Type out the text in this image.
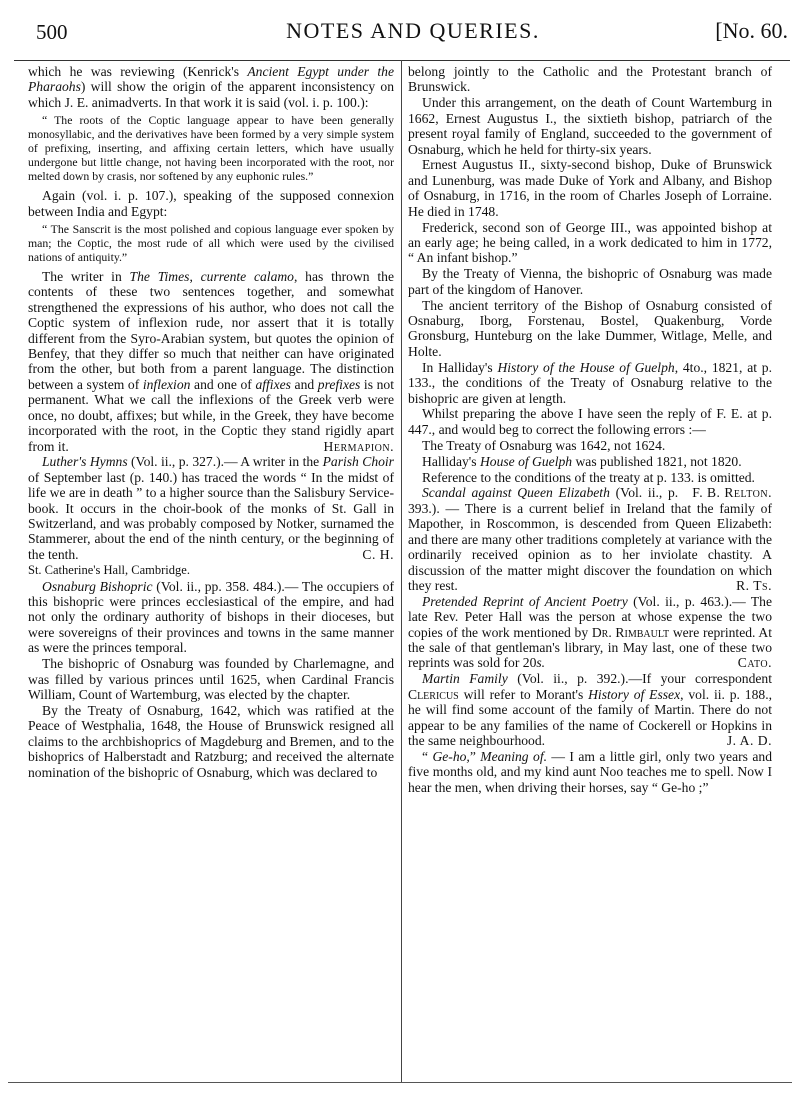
500	NOTES AND QUERIES.	[No. 60.

which he was reviewing (Kenrick's Ancient Egypt under the Pharaohs) will show the origin of the apparent inconsistency on which J. E. animadverts. In that work it is said (vol. i. p. 100.):

“ The roots of the Coptic language appear to have been generally monosyllabic, and the derivatives have been formed by a very simple system of prefixing, inserting, and affixing certain letters, which have usually undergone but little change, not having been incorporated with the root, nor melted down by crasis, nor softened by any euphonic rules.”

Again (vol. i. p. 107.), speaking of the supposed connexion between India and Egypt:

“ The Sanscrit is the most polished and copious language ever spoken by man; the Coptic, the most rude of all which were used by the civilised nations of antiquity.”

The writer in The Times, currente calamo, has thrown the contents of these two sentences together, and somewhat strengthened the expressions of his author, who does not call the Coptic system of inflexion rude, nor assert that it is totally different from the Syro-Arabian system, but quotes the opinion of Benfey, that they differ so much that neither can have originated from the other, but both from a parent language. The distinction between a system of inflexion and one of affixes and prefixes is not permanent. What we call the inflexions of the Greek verb were once, no doubt, affixes; but while, in the Greek, they have become incorporated with the root, in the Coptic they stand rigidly apart from it.	Hermapion.

Luther's Hymns (Vol. ii., p. 327.).— A writer in the Parish Choir of September last (p. 140.) has traced the words “ In the midst of life we are in death ” to a higher source than the Salisbury Service-book. It occurs in the choir-book of the monks of St. Gall in Switzerland, and was probably composed by Notker, surnamed the Stammerer, about the end of the ninth century, or the beginning of the tenth.	C. H.

St. Catherine's Hall, Cambridge.

Osnaburg Bishopric (Vol. ii., pp. 358. 484.).— The occupiers of this bishopric were princes ecclesiastical of the empire, and had not only the ordinary authority of bishops in their dioceses, but were sovereigns of their provinces and towns in the same manner as were the princes temporal.

The bishopric of Osnaburg was founded by Charlemagne, and was filled by various princes until 1625, when Cardinal Francis William, Count of Wartemburg, was elected by the chapter.

By the Treaty of Osnaburg, 1642, which was ratified at the Peace of Westphalia, 1648, the House of Brunswick resigned all claims to the archbishoprics of Magdeburg and Bremen, and to the bishoprics of Halberstadt and Ratzburg; and received the alternate nomination of the bishopric of Osnaburg, which was declared to

belong jointly to the Catholic and the Protestant branch of Brunswick.

Under this arrangement, on the death of Count Wartemburg in 1662, Ernest Augustus I., the sixtieth bishop, patriarch of the present royal family of England, succeeded to the government of Osnaburg, which he held for thirty-six years.

Ernest Augustus II., sixty-second bishop, Duke of Brunswick and Lunenburg, was made Duke of York and Albany, and Bishop of Osnaburg, in 1716, in the room of Charles Joseph of Lorraine. He died in 1748.

Frederick, second son of George III., was appointed bishop at an early age; he being called, in a work dedicated to him in 1772, “ An infant bishop.”

By the Treaty of Vienna, the bishopric of Osnaburg was made part of the kingdom of Hanover.

The ancient territory of the Bishop of Osnaburg consisted of Osnaburg, Iborg, Forstenau, Bostel, Quakenburg, Vorde Gronsburg, Hunteburg on the lake Dummer, Witlage, Melle, and Holte.

In Halliday's History of the House of Guelph, 4to., 1821, at p. 133., the conditions of the Treaty of Osnaburg relative to the bishopric are given at length.

Whilst preparing the above I have seen the reply of F. E. at p. 447., and would beg to correct the following errors :—

The Treaty of Osnaburg was 1642, not 1624.

Halliday's House of Guelph was published 1821, not 1820.

Reference to the conditions of the treaty at p. 133. is omitted.
F. B. Relton.

Scandal against Queen Elizabeth (Vol. ii., p. 393.). — There is a current belief in Ireland that the family of Mapother, in Roscommon, is descended from Queen Elizabeth: and there are many other traditions completely at variance with the ordinarily received opinion as to her inviolate chastity. A discussion of the matter might discover the foundation on which they rest.	R. Ts.

Pretended Reprint of Ancient Poetry (Vol. ii., p. 463.).— The late Rev. Peter Hall was the person at whose expense the two copies of the work mentioned by Dr. Rimbault were reprinted. At the sale of that gentleman's library, in May last, one of these two reprints was sold for 20s.	Cato.

Martin Family (Vol. ii., p. 392.).—If your correspondent Clericus will refer to Morant's History of Essex, vol. ii. p. 188., he will find some account of the family of Martin. There do not appear to be any families of the name of Cockerell or Hopkins in the same neighbourhood.	J. A. D.

“ Ge-ho,” Meaning of. — I am a little girl, only two years and five months old, and my kind aunt Noo teaches me to spell. Now I hear the men, when driving their horses, say “ Ge-ho ;”
